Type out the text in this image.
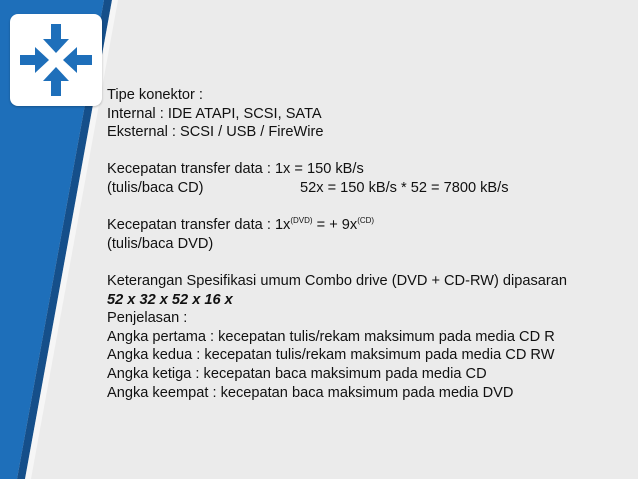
Tipe konektor :
Internal : IDE ATAPI, SCSI, SATA
Eksternal : SCSI / USB / FireWire
Kecepatan transfer data : 1x = 150 kB/s
(tulis/baca CD)	52x = 150 kB/s * 52 = 7800 kB/s
Kecepatan transfer data : $1x^{(DVD)}$ = + $9x^{(CD)}$
(tulis/baca DVD)
Keterangan Spesifikasi umum Combo drive (DVD + CD-RW) dipasaran
52 x 32 x 52 x 16 x
Penjelasan :
Angka pertama : kecepatan tulis/rekam maksimum pada media CD R
Angka kedua : kecepatan tulis/rekam maksimum pada media CD RW
Angka ketiga : kecepatan baca maksimum pada media CD
Angka keempat : kecepatan baca maksimum pada media DVD
